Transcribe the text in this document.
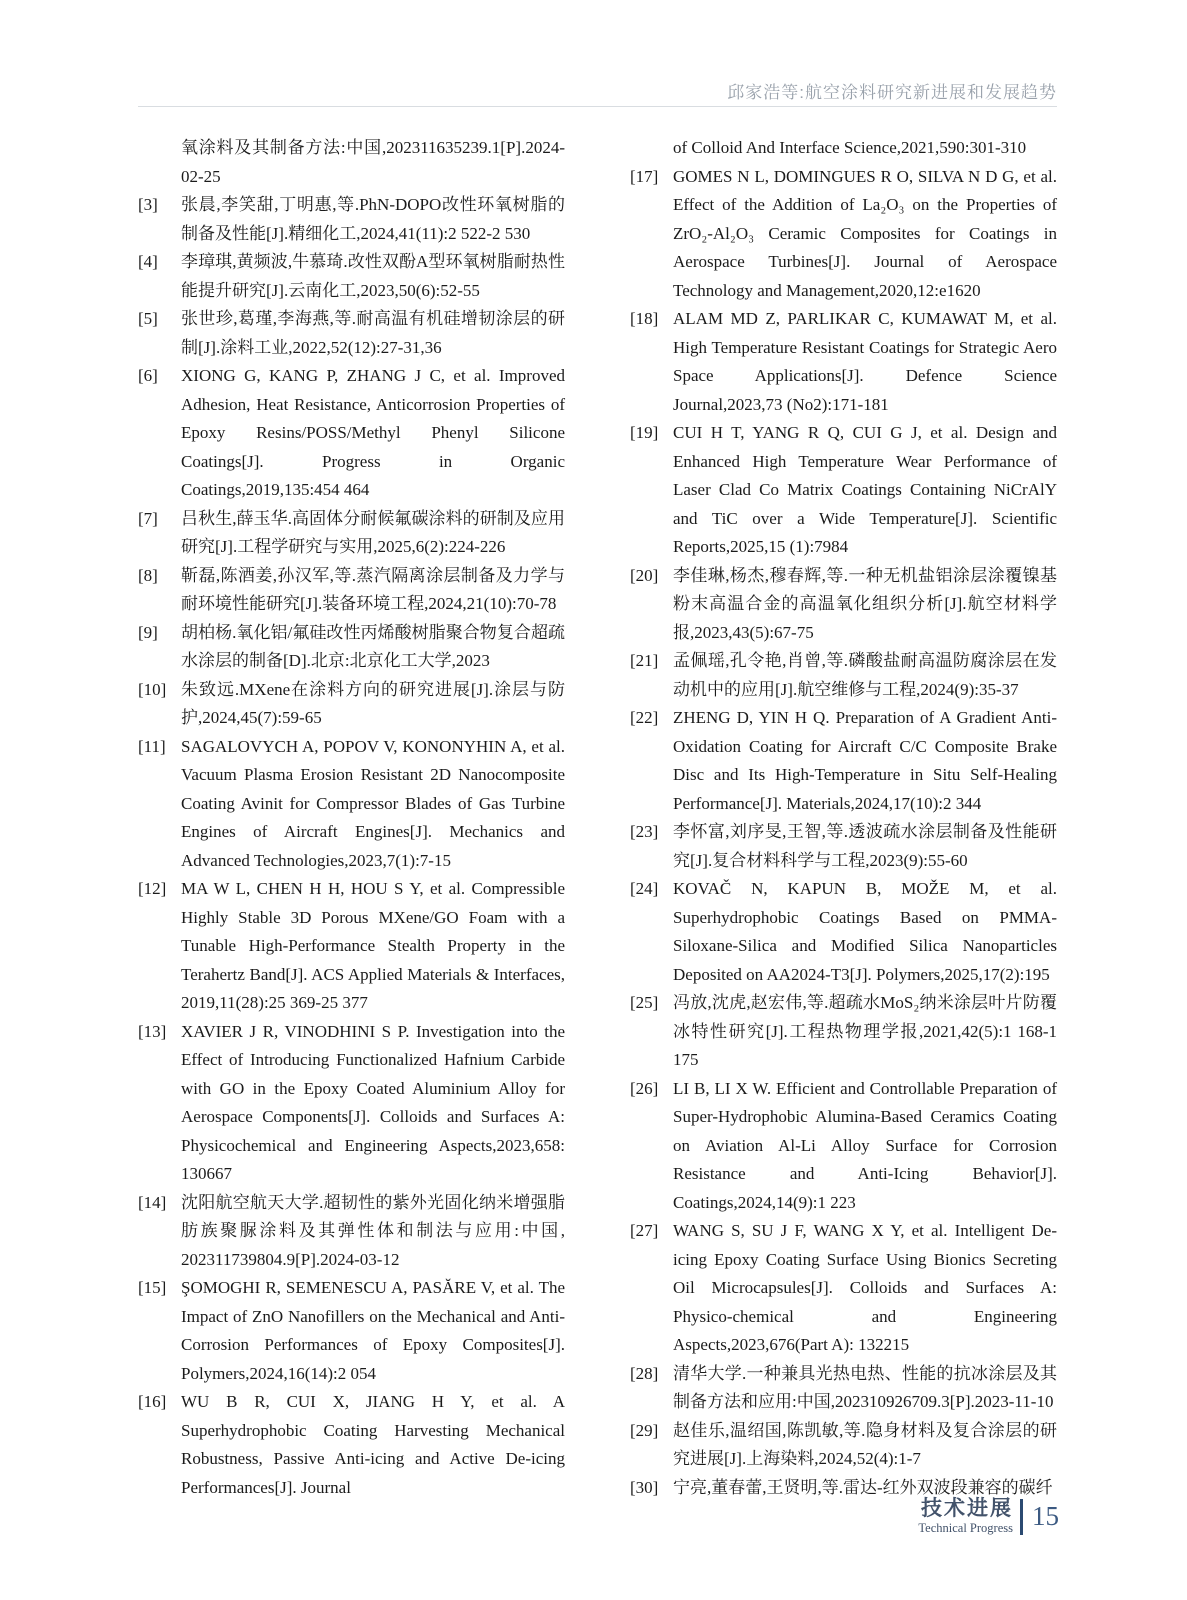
邱家浩等:航空涂料研究新进展和发展趋势
氧涂料及其制备方法:中国,202311635239.1[P].2024-02-25
[3] 张晨,李笑甜,丁明惠,等.PhN-DOPO改性环氧树脂的制备及性能[J].精细化工,2024,41(11):2 522-2 530
[4] 李璋琪,黄频波,牛慕琦.改性双酚A型环氧树脂耐热性能提升研究[J].云南化工,2023,50(6):52-55
[5] 张世珍,葛瑾,李海燕,等.耐高温有机硅增韧涂层的研制[J].涂料工业,2022,52(12):27-31,36
[6] XIONG G, KANG P, ZHANG J C, et al. Improved Adhesion, Heat Resistance, Anticorrosion Properties of Epoxy Resins/POSS/Methyl Phenyl Silicone Coatings[J]. Progress in Organic Coatings,2019,135:454 464
[7] 吕秋生,薛玉华.高固体分耐候氟碳涂料的研制及应用研究[J].工程学研究与实用,2025,6(2):224-226
[8] 靳磊,陈酒姜,孙汉军,等.蒸汽隔离涂层制备及力学与耐环境性能研究[J].装备环境工程,2024,21(10):70-78
[9] 胡柏杨.氧化铝/氟硅改性丙烯酸树脂聚合物复合超疏水涂层的制备[D].北京:北京化工大学,2023
[10] 朱致远.MXene在涂料方向的研究进展[J].涂层与防护,2024,45(7):59-65
[11] SAGALOVYCH A, POPOV V, KONONYHIN A, et al. Vacuum Plasma Erosion Resistant 2D Nanocomposite Coating Avinit for Compressor Blades of Gas Turbine Engines of Aircraft Engines[J]. Mechanics and Advanced Technologies,2023,7(1):7-15
[12] MA W L, CHEN H H, HOU S Y, et al. Compressible Highly Stable 3D Porous MXene/GO Foam with a Tunable High-Performance Stealth Property in the Terahertz Band[J]. ACS Applied Materials & Interfaces, 2019,11(28):25 369-25 377
[13] XAVIER J R, VINODHINI S P. Investigation into the Effect of Introducing Functionalized Hafnium Carbide with GO in the Epoxy Coated Aluminium Alloy for Aerospace Components[J]. Colloids and Surfaces A: Physicochemical and Engineering Aspects,2023,658: 130667
[14] 沈阳航空航天大学.超韧性的紫外光固化纳米增强脂肪族聚脲涂料及其弹性体和制法与应用:中国, 202311739804.9[P].2024-03-12
[15] ŞOMOGHI R, SEMENESCU A, PASĂRE V, et al. The Impact of ZnO Nanofillers on the Mechanical and Anti-Corrosion Performances of Epoxy Composites[J]. Polymers,2024,16(14):2 054
[16] WU B R, CUI X, JIANG H Y, et al. A Superhydrophobic Coating Harvesting Mechanical Robustness, Passive Anti-icing and Active De-icing Performances[J]. Journal
of Colloid And Interface Science,2021,590:301-310
[17] GOMES N L, DOMINGUES R O, SILVA N D G, et al. Effect of the Addition of La₂O₃ on the Properties of ZrO₂-Al₂O₃ Ceramic Composites for Coatings in Aerospace Turbines[J]. Journal of Aerospace Technology and Management,2020,12:e1620
[18] ALAM MD Z, PARLIKAR C, KUMAWAT M, et al. High Temperature Resistant Coatings for Strategic Aero Space Applications[J]. Defence Science Journal,2023,73 (No2):171-181
[19] CUI H T, YANG R Q, CUI G J, et al. Design and Enhanced High Temperature Wear Performance of Laser Clad Co Matrix Coatings Containing NiCrAlY and TiC over a Wide Temperature[J]. Scientific Reports,2025,15 (1):7984
[20] 李佳琳,杨杰,穆春辉,等.一种无机盐铝涂层涂覆镍基粉末高温合金的高温氧化组织分析[J].航空材料学报,2023,43(5):67-75
[21] 孟佩瑶,孔令艳,肖曾,等.磷酸盐耐高温防腐涂层在发动机中的应用[J].航空维修与工程,2024(9):35-37
[22] ZHENG D, YIN H Q. Preparation of A Gradient Anti-Oxidation Coating for Aircraft C/C Composite Brake Disc and Its High-Temperature in Situ Self-Healing Performance[J]. Materials,2024,17(10):2 344
[23] 李怀富,刘序旻,王智,等.透波疏水涂层制备及性能研究[J].复合材料科学与工程,2023(9):55-60
[24] KOVAČ N, KAPUN B, MOŽE M, et al. Superhydrophobic Coatings Based on PMMA-Siloxane-Silica and Modified Silica Nanoparticles Deposited on AA2024-T3[J]. Polymers,2025,17(2):195
[25] 冯放,沈虎,赵宏伟,等.超疏水MoS₂纳米涂层叶片防覆冰特性研究[J].工程热物理学报,2021,42(5):1 168-1 175
[26] LI B, LI X W. Efficient and Controllable Preparation of Super-Hydrophobic Alumina-Based Ceramics Coating on Aviation Al-Li Alloy Surface for Corrosion Resistance and Anti-Icing Behavior[J]. Coatings,2024,14(9):1 223
[27] WANG S, SU J F, WANG X Y, et al. Intelligent De-icing Epoxy Coating Surface Using Bionics Secreting Oil Microcapsules[J]. Colloids and Surfaces A: Physico-chemical and Engineering Aspects,2023,676(Part A): 132215
[28] 清华大学.一种兼具光热电热、性能的抗冰涂层及其制备方法和应用:中国,202310926709.3[P].2023-11-10
[29] 赵佳乐,温绍国,陈凯敏,等.隐身材料及复合涂层的研究进展[J].上海染料,2024,52(4):1-7
[30] 宁亮,董春蕾,王贤明,等.雷达-红外双波段兼容的碳纤
技术进展
Technical Progress 15
